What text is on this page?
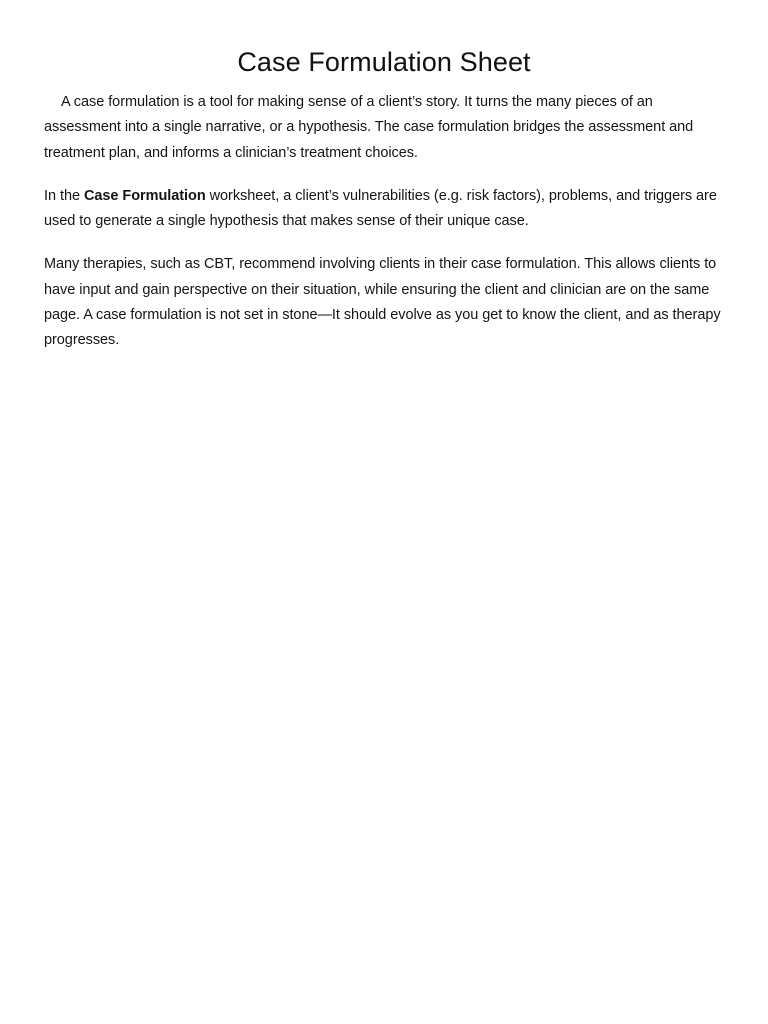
Case Formulation Sheet

A case formulation is a tool for making sense of a client’s story. It turns the many pieces of an assessment into a single narrative, or a hypothesis. The case formulation bridges the assessment and treatment plan, and informs a clinician’s treatment choices.

In the Case Formulation worksheet, a client’s vulnerabilities (e.g. risk factors), problems, and triggers are used to generate a single hypothesis that makes sense of their unique case.

Many therapies, such as CBT, recommend involving clients in their case formulation. This allows clients to have input and gain perspective on their situation, while ensuring the client and clinician are on the same page. A case formulation is not set in stone—It should evolve as you get to know the client, and as therapy progresses.
